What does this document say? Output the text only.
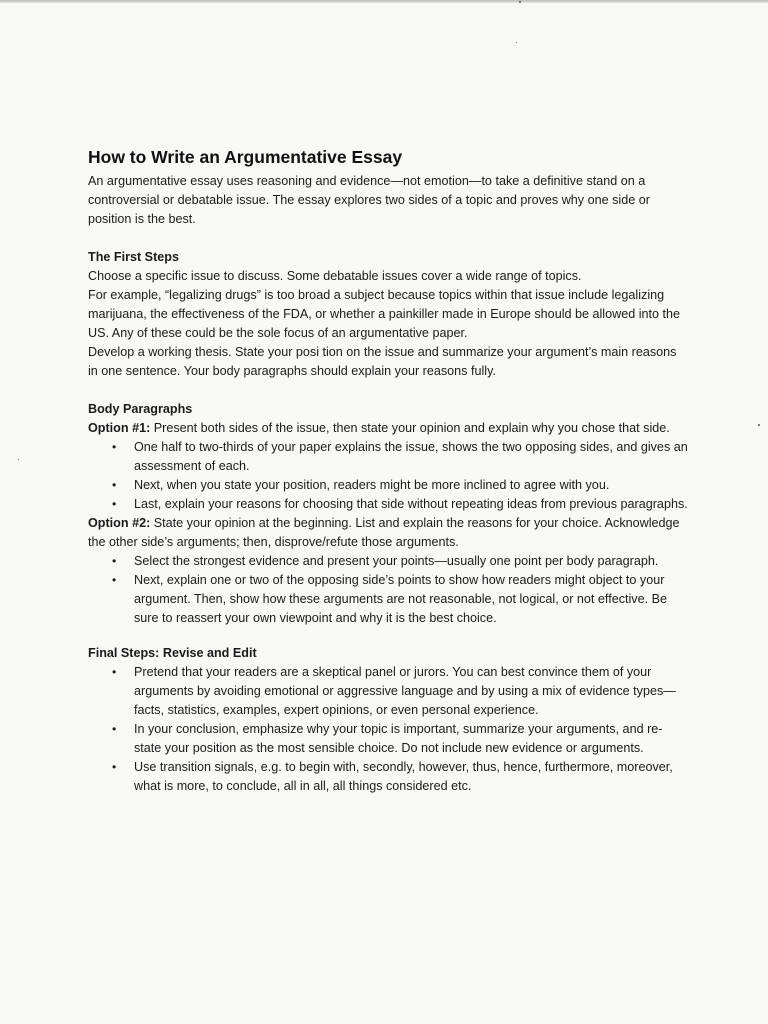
How to Write an Argumentative Essay

An argumentative essay uses reasoning and evidence—not emotion—to take a definitive stand on a controversial or debatable issue. The essay explores two sides of a topic and proves why one side or position is the best.

The First Steps

Choose a specific issue to discuss. Some debatable issues cover a wide range of topics.

For example, “legalizing drugs” is too broad a subject because topics within that issue include legalizing marijuana, the effectiveness of the FDA, or whether a painkiller made in Europe should be allowed into the US. Any of these could be the sole focus of an argumentative paper.

Develop a working thesis. State your posi tion on the issue and summarize your argument’s main reasons in one sentence. Your body paragraphs should explain your reasons fully.

Body Paragraphs

Option #1: Present both sides of the issue, then state your opinion and explain why you chose that side.

• One half to two-thirds of your paper explains the issue, shows the two opposing sides, and gives an assessment of each.
• Next, when you state your position, readers might be more inclined to agree with you.
• Last, explain your reasons for choosing that side without repeating ideas from previous paragraphs.

Option #2: State your opinion at the beginning. List and explain the reasons for your choice. Acknowledge the other side’s arguments; then, disprove/refute those arguments.

• Select the strongest evidence and present your points—usually one point per body paragraph.
• Next, explain one or two of the opposing side’s points to show how readers might object to your argument. Then, show how these arguments are not reasonable, not logical, or not effective. Be sure to reassert your own viewpoint and why it is the best choice.

Final Steps: Revise and Edit

• Pretend that your readers are a skeptical panel or jurors. You can best convince them of your arguments by avoiding emotional or aggressive language and by using a mix of evidence types—facts, statistics, examples, expert opinions, or even personal experience.
• In your conclusion, emphasize why your topic is important, summarize your arguments, and re-state your position as the most sensible choice. Do not include new evidence or arguments.
• Use transition signals, e.g. to begin with, secondly, however, thus, hence, furthermore, moreover, what is more, to conclude, all in all, all things considered etc.
